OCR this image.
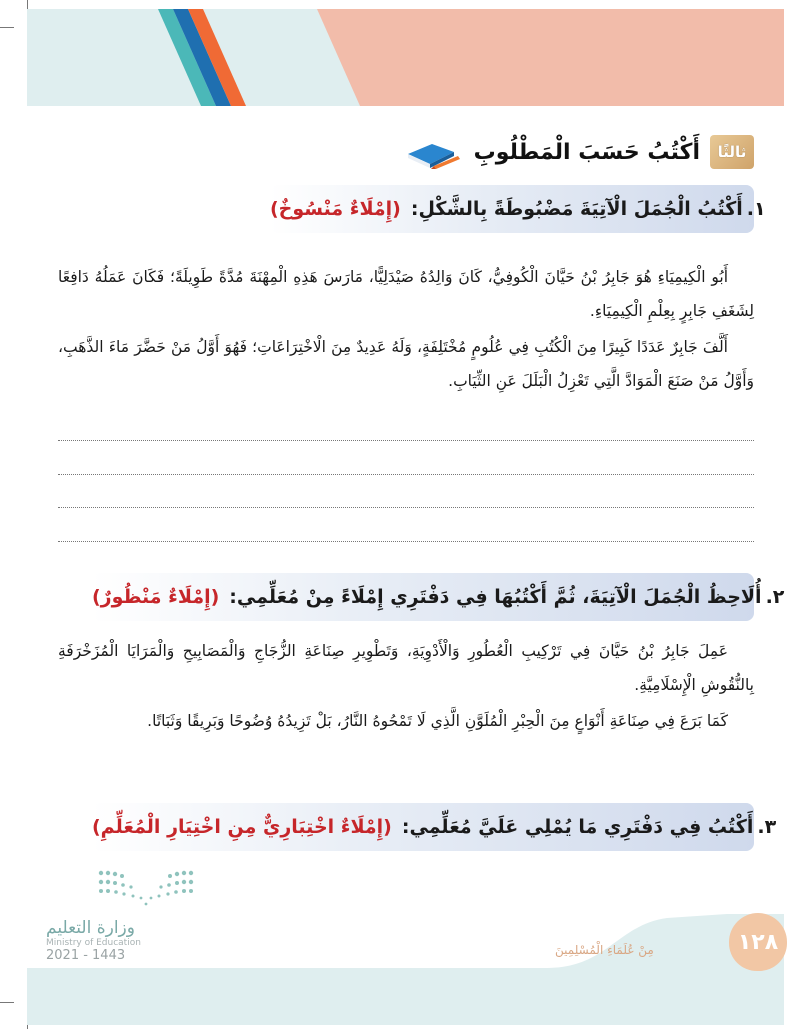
ثالثًا
أَكْتُبُ حَسَبَ الْمَطْلُوبِ
١.
أَكْتُبُ الْجُمَلَ الْآتِيَةَ مَضْبُوطَةً بِالشَّكْلِ:
(إِمْلَاءٌ مَنْسُوخٌ)

أَبُو الْكِيمِيَاءِ هُوَ جَابِرُ بْنُ حَيَّانَ الْكُوفِيُّ، كَانَ وَالِدُهُ صَيْدَلِيًّا، مَارَسَ هَذِهِ الْمِهْنَةَ مُدَّةً طَوِيلَةً؛ فَكَانَ عَمَلُهُ دَافِعًا لِشَغَفِ جَابِرٍ بِعِلْمِ الْكِيمِيَاءِ.

أَلَّفَ جَابِرٌ عَدَدًا كَبِيرًا مِنَ الْكُتُبِ فِي عُلُومٍ مُخْتَلِفَةٍ، وَلَهُ عَدِيدٌ مِنَ الْاخْتِرَاعَاتِ؛ فَهُوَ أَوَّلُ مَنْ حَضَّرَ مَاءَ الذَّهَبِ، وَأَوَّلُ مَنْ صَنَعَ الْمَوَادَّ الَّتِي تَعْزِلُ الْبَلَلَ عَنِ الثِّيَابِ.

٢.
أُلَاحِظُ الْجُمَلَ الْآتِيَةَ، ثُمَّ أَكْتُبُهَا فِي دَفْتَرِي إِمْلَاءً مِنْ مُعَلِّمِي:
(إِمْلَاءٌ مَنْظُورٌ)

عَمِلَ جَابِرُ بْنُ حَيَّانَ فِي تَرْكِيبِ الْعُطُورِ وَالْأَدْوِيَةِ، وَتَطْوِيرِ صِنَاعَةِ الزُّجَاجِ وَالْمَصَابِيحِ وَالْمَرَايَا الْمُزَخْرَفَةِ بِالنُّقُوشِ الْإِسْلَامِيَّةِ.

كَمَا بَرَعَ فِي صِنَاعَةِ أَنْوَاعٍ مِنَ الْحِبْرِ الْمُلَوَّنِ الَّذِي لَا تَمْحُوهُ النَّارُ، بَلْ تَزِيدُهُ وُضُوحًا وَبَرِيقًا وَثَبَاتًا.

٣.
أَكْتُبُ فِي دَفْتَرِي مَا يُمْلِي عَلَيَّ مُعَلِّمِي:
(إِمْلَاءٌ اخْتِبَارِيٌّ مِنِ اخْتِيَارِ الْمُعَلِّمِ)
وزارة التعليم
Ministry of Education
2021 - 1443	مِنْ عُلَمَاءِ الْمُسْلِمِينَ	١٢٨
